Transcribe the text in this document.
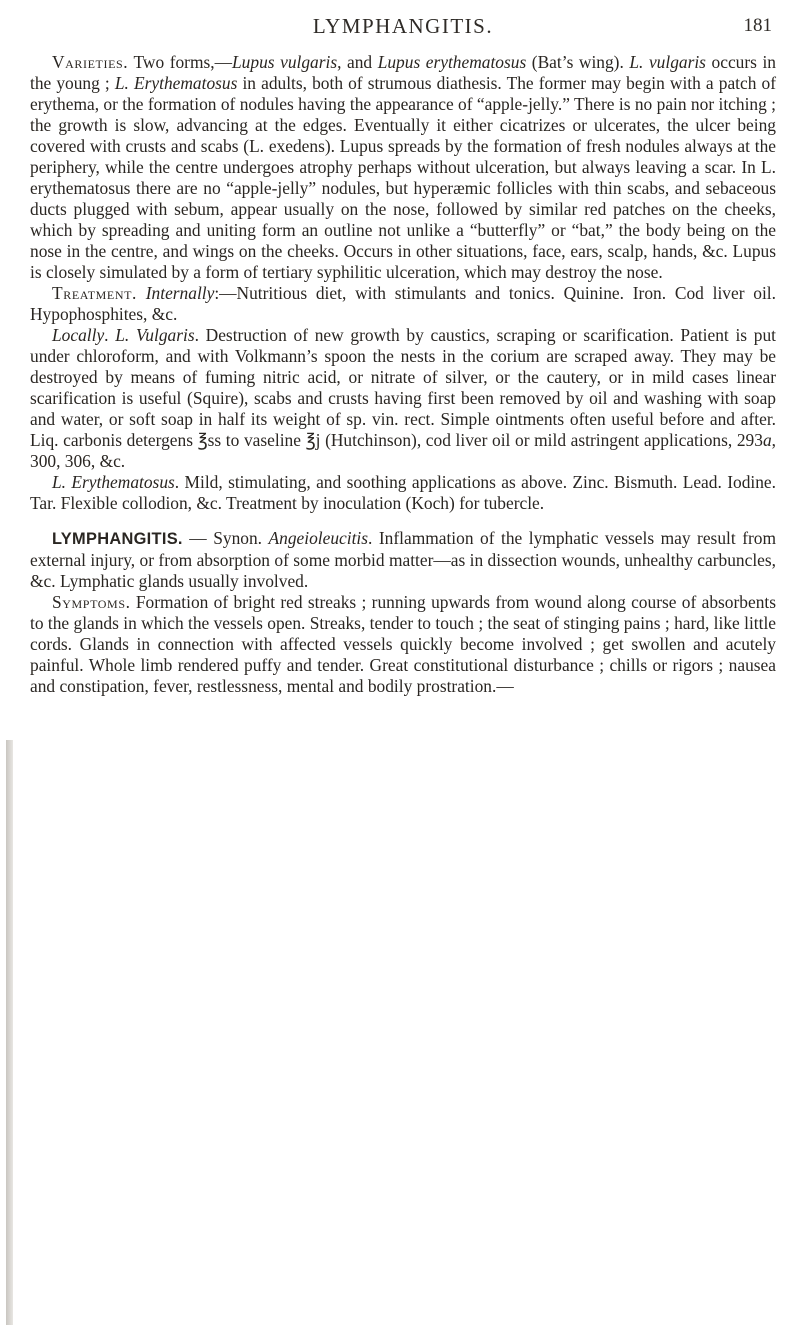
LYMPHANGITIS.	181

Varieties. Two forms,—Lupus vulgaris, and Lupus erythematosus (Bat’s wing). L. vulgaris occurs in the young ; L. Erythematosus in adults, both of strumous diathesis. The former may begin with a patch of erythema, or the formation of nodules having the appearance of “apple-jelly.” There is no pain nor itching ; the growth is slow, advancing at the edges. Eventually it either cicatrizes or ulcerates, the ulcer being covered with crusts and scabs (L. exedens). Lupus spreads by the formation of fresh nodules always at the periphery, while the centre undergoes atrophy perhaps without ulceration, but always leaving a scar. In L. erythematosus there are no “apple-jelly” nodules, but hyperæmic follicles with thin scabs, and sebaceous ducts plugged with sebum, appear usually on the nose, followed by similar red patches on the cheeks, which by spreading and uniting form an outline not unlike a “butterfly” or “bat,” the body being on the nose in the centre, and wings on the cheeks. Occurs in other situations, face, ears, scalp, hands, &c. Lupus is closely simulated by a form of tertiary syphilitic ulceration, which may destroy the nose.

Treatment. Internally:—Nutritious diet, with stimulants and tonics. Quinine. Iron. Cod liver oil. Hypophosphites, &c.

Locally. L. Vulgaris. Destruction of new growth by caustics, scraping or scarification. Patient is put under chloroform, and with Volkmann’s spoon the nests in the corium are scraped away. They may be destroyed by means of fuming nitric acid, or nitrate of silver, or the cautery, or in mild cases linear scarification is useful (Squire), scabs and crusts having first been removed by oil and washing with soap and water, or soft soap in half its weight of sp. vin. rect. Simple ointments often useful before and after. Liq. carbonis detergens ℥ss to vaseline ℥j (Hutchinson), cod liver oil or mild astringent applications, 293a, 300, 306, &c.

L. Erythematosus. Mild, stimulating, and soothing applications as above. Zinc. Bismuth. Lead. Iodine. Tar. Flexible collodion, &c. Treatment by inoculation (Koch) for tubercle.

LYMPHANGITIS. — Synon. Angeioleucitis. Inflammation of the lymphatic vessels may result from external injury, or from absorption of some morbid matter—as in dissection wounds, unhealthy carbuncles, &c. Lymphatic glands usually involved.

Symptoms. Formation of bright red streaks ; running upwards from wound along course of absorbents to the glands in which the vessels open. Streaks, tender to touch ; the seat of stinging pains ; hard, like little cords. Glands in connection with affected vessels quickly become involved ; get swollen and acutely painful. Whole limb rendered puffy and tender. Great constitutional disturbance ; chills or rigors ; nausea and constipation, fever, restlessness, mental and bodily prostration.—
